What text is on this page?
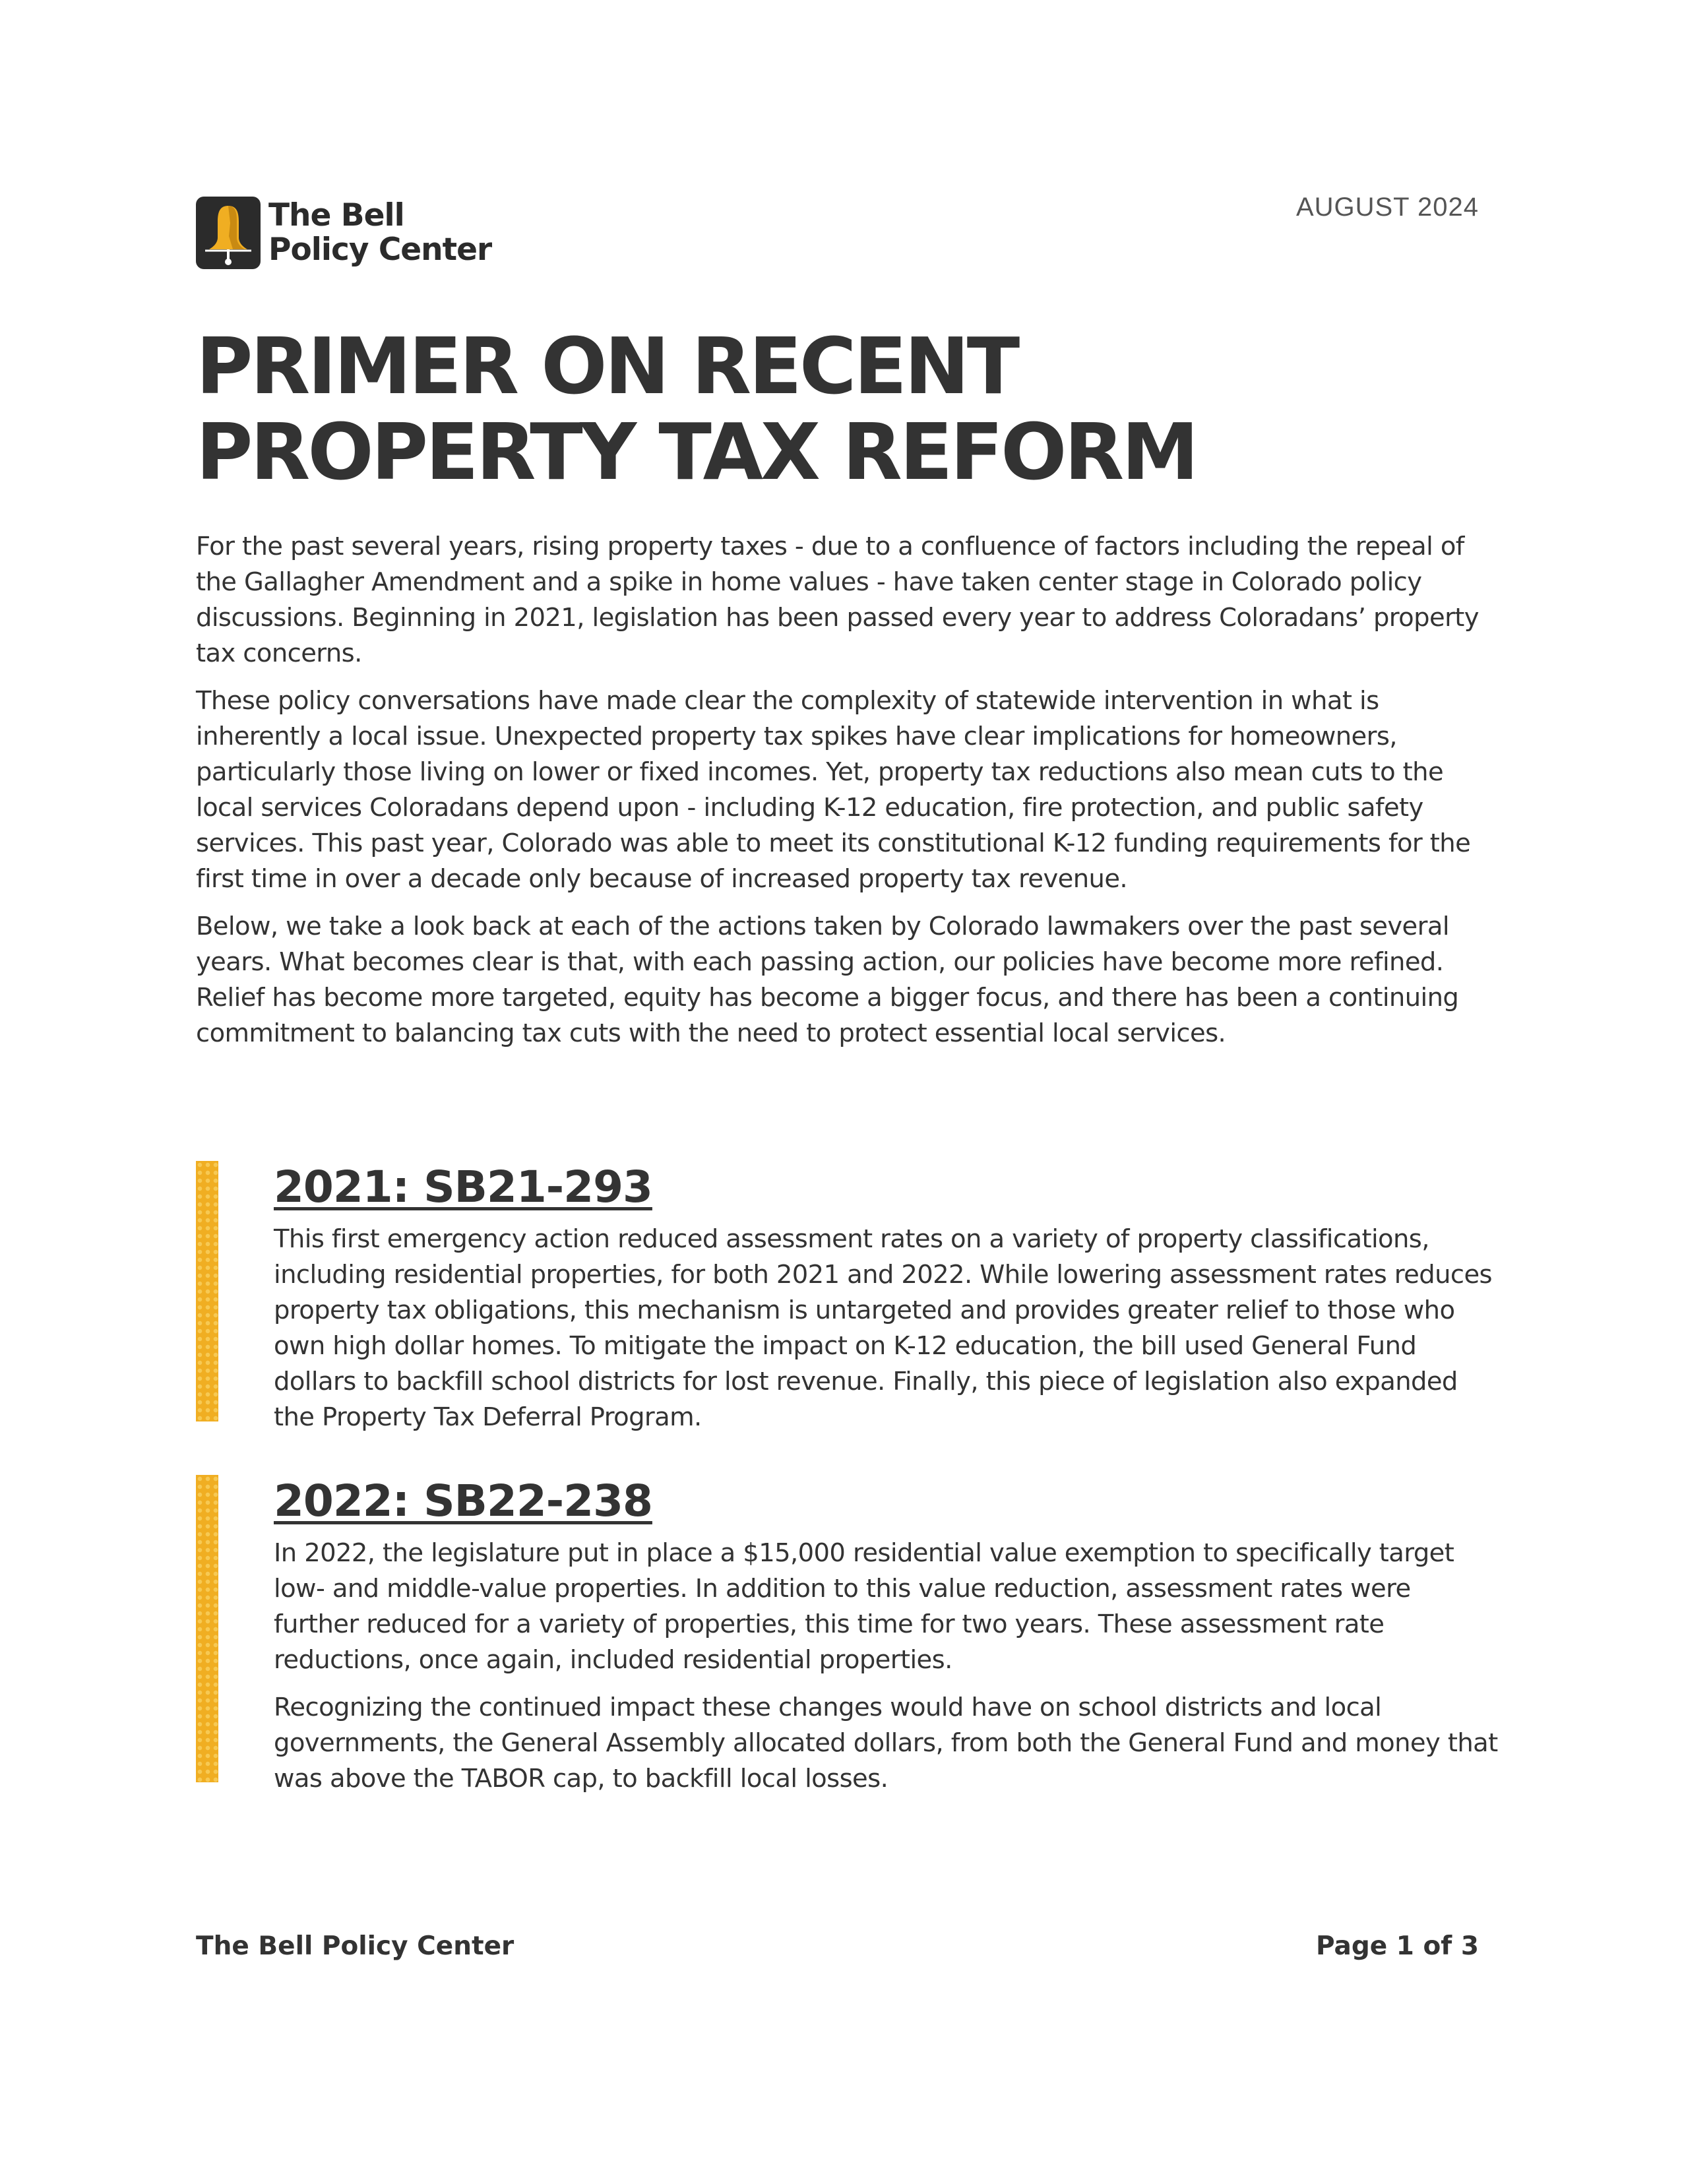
The Bell
Policy Center
AUGUST 2024
PRIMER ON RECENT
PROPERTY TAX REFORM

For the past several years, rising property taxes - due to a confluence of factors including the repeal of the Gallagher Amendment and a spike in home values - have taken center stage in Colorado policy discussions. Beginning in 2021, legislation has been passed every year to address Coloradans’ property tax concerns.

These policy conversations have made clear the complexity of statewide intervention in what is inherently a local issue. Unexpected property tax spikes have clear implications for homeowners, particularly those living on lower or fixed incomes. Yet, property tax reductions also mean cuts to the local services Coloradans depend upon - including K-12 education, fire protection, and public safety services. This past year, Colorado was able to meet its constitutional K-12 funding requirements for the first time in over a decade only because of increased property tax revenue.

Below, we take a look back at each of the actions taken by Colorado lawmakers over the past several years. What becomes clear is that, with each passing action, our policies have become more refined. Relief has become more targeted, equity has become a bigger focus, and there has been a continuing commitment to balancing tax cuts with the need to protect essential local services.

2021: SB21-293

This first emergency action reduced assessment rates on a variety of property classifications, including residential properties, for both 2021 and 2022. While lowering assessment rates reduces property tax obligations, this mechanism is untargeted and provides greater relief to those who own high dollar homes. To mitigate the impact on K-12 education, the bill used General Fund dollars to backfill school districts for lost revenue. Finally, this piece of legislation also expanded the Property Tax Deferral Program.

2022: SB22-238

In 2022, the legislature put in place a $15,000 residential value exemption to specifically target low- and middle-value properties. In addition to this value reduction, assessment rates were further reduced for a variety of properties, this time for two years. These assessment rate reductions, once again, included residential properties.

Recognizing the continued impact these changes would have on school districts and local governments, the General Assembly allocated dollars, from both the General Fund and money that was above the TABOR cap, to backfill local losses.

The Bell Policy Center	Page 1 of 3
